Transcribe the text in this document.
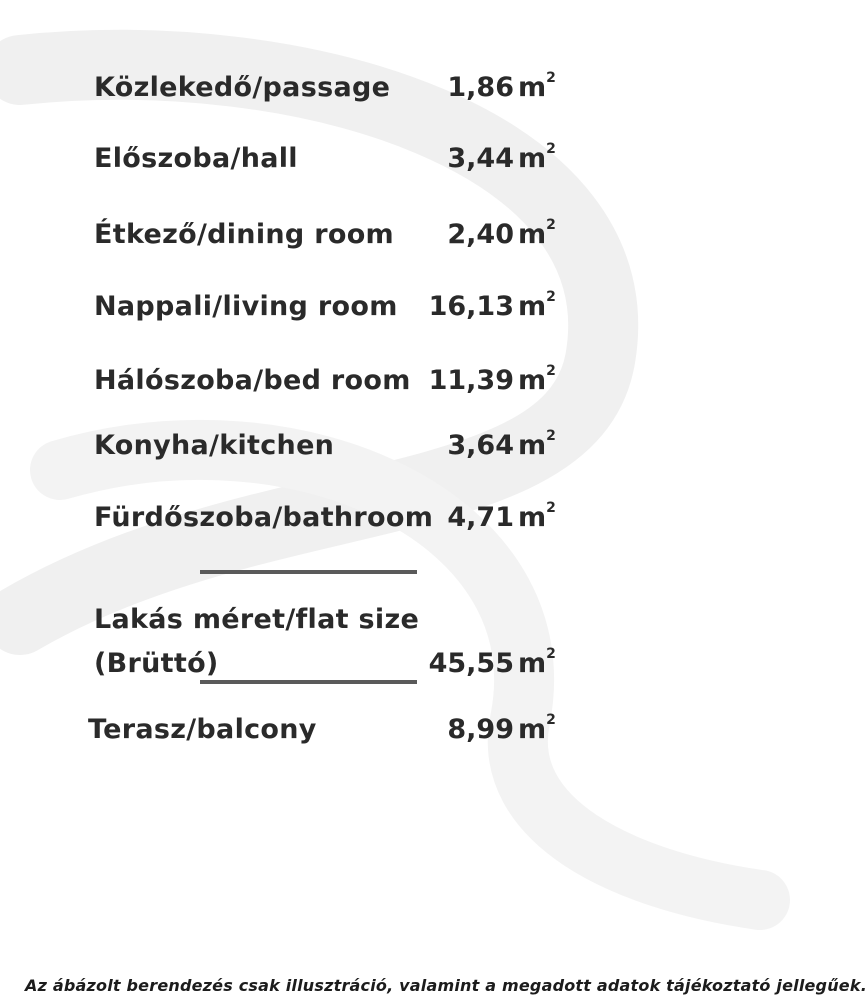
Közlekedő/passage 1,86 $m^2$
Előszoba/hall	3,44 $m^2$
Étkező/dining room 2,40 $m^2$
Nappali/living room 16,13 $m^2$
Hálószoba/bed room 11,39 $m^2$
Konyha/kitchen	3,64 $m^2$
Fürdőszoba/bathroom 4,71 $m^2$
Lakás méret/flat size
(Brüttó)	45,55 $m^2$
Terasz/balcony	8,99 $m^2$
Az ábázolt berendezés csak illusztráció, valamint a megadott adatok tájékoztató jellegűek.
